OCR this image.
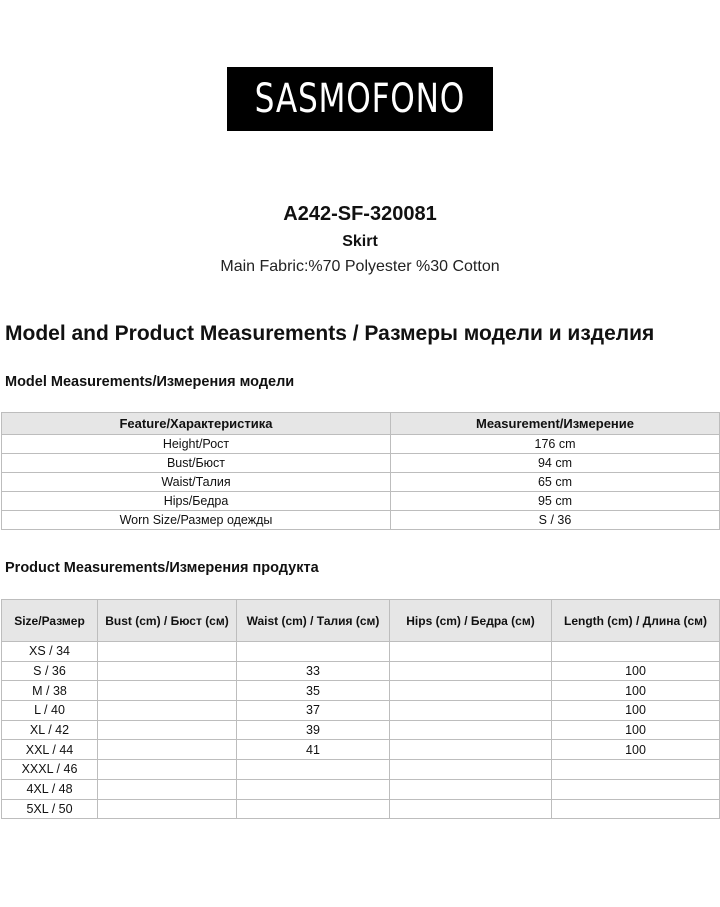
SASMOFONO
A242-SF-320081
Skirt
Main Fabric:%70 Polyester %30 Cotton
Model and Product Measurements / Размеры модели и изделия
Model Measurements/Измерения модели
Feature/Характеристика	Measurement/Измерение
Height/Рост	176 cm
Bust/Бюст	94 cm
Waist/Талия	65 cm
Hips/Бедра	95 cm
Worn Size/Размер одежды	S / 36
Product Measurements/Измерения продукта
Size/Размер	Bust (cm) / Бюст (см)	Waist (cm) / Талия (см)	Hips (cm) / Бедра (см)	Length (cm) / Длина (см)
XS / 34				
S / 36		33		100
M / 38		35		100
L / 40		37		100
XL / 42		39		100
XXL / 44		41		100
XXXL / 46				
4XL / 48				
5XL / 50				
